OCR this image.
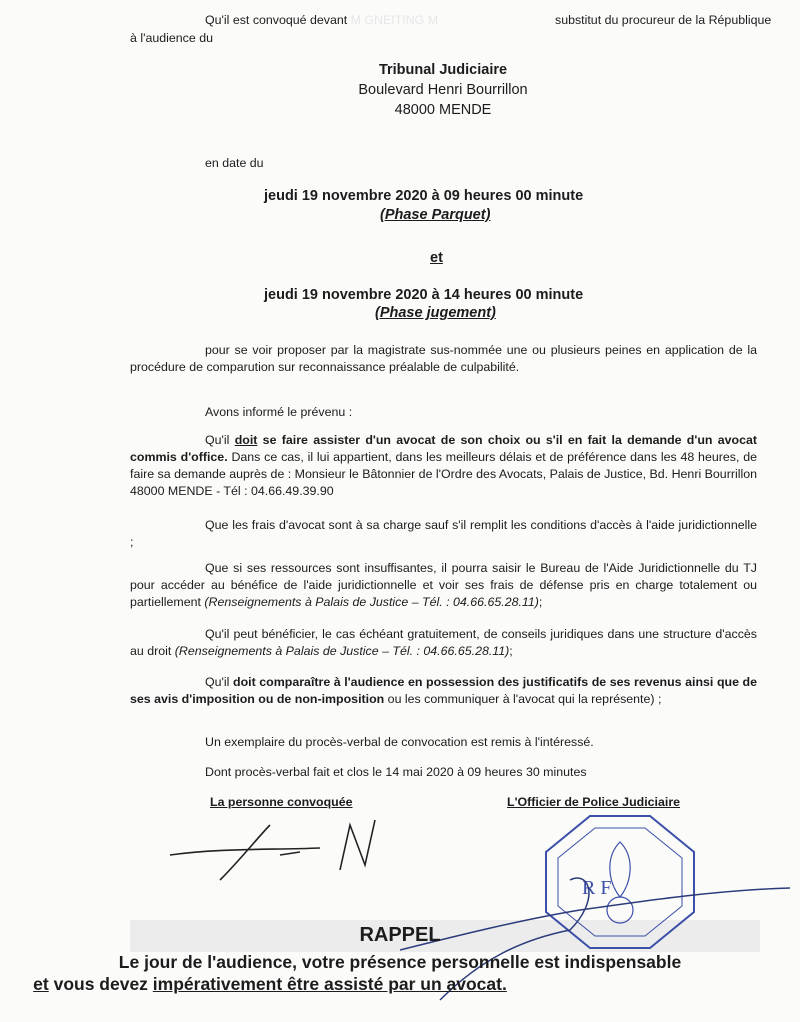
Qu'il est convoqué devant M GNEITING M	substitut du procureur de la République
à l'audience du
Tribunal Judiciaire
Boulevard Henri Bourrillon
48000 MENDE
en date du
jeudi 19 novembre 2020 à 09 heures 00 minute
(Phase Parquet)
et
jeudi 19 novembre 2020 à 14 heures 00 minute
(Phase jugement)
pour se voir proposer par la magistrate sus-nommée une ou plusieurs peines en application de la procédure de comparution sur reconnaissance préalable de culpabilité.
Avons informé le prévenu :
Qu'il doit se faire assister d'un avocat de son choix ou s'il en fait la demande d'un avocat commis d'office. Dans ce cas, il lui appartient, dans les meilleurs délais et de préférence dans les 48 heures, de faire sa demande auprès de : Monsieur le Bâtonnier de l'Ordre des Avocats, Palais de Justice, Bd. Henri Bourrillon 48000 MENDE - Tél : 04.66.49.39.90
Que les frais d'avocat sont à sa charge sauf s'il remplit les conditions d'accès à l'aide juridictionnelle ;
Que si ses ressources sont insuffisantes, il pourra saisir le Bureau de l'Aide Juridictionnelle du TJ pour accéder au bénéfice de l'aide juridictionnelle et voir ses frais de défense pris en charge totalement ou partiellement (Renseignements à Palais de Justice – Tél. : 04.66.65.28.11);
Qu'il peut bénéficier, le cas échéant gratuitement, de conseils juridiques dans une structure d'accès au droit (Renseignements à Palais de Justice – Tél. : 04.66.65.28.11);
Qu'il doit comparaître à l'audience en possession des justificatifs de ses revenus ainsi que de ses avis d'imposition ou de non-imposition ou les communiquer à l'avocat qui la représente) ;
Un exemplaire du procès-verbal de convocation est remis à l'intéressé.
Dont procès-verbal fait et clos le 14 mai 2020 à 09 heures 30 minutes
La personne convoquée	L'Officier de Police Judiciaire
R F
RAPPEL
Le jour de l'audience, votre présence personnelle est indispensable
et vous devez impérativement être assisté par un avocat.
